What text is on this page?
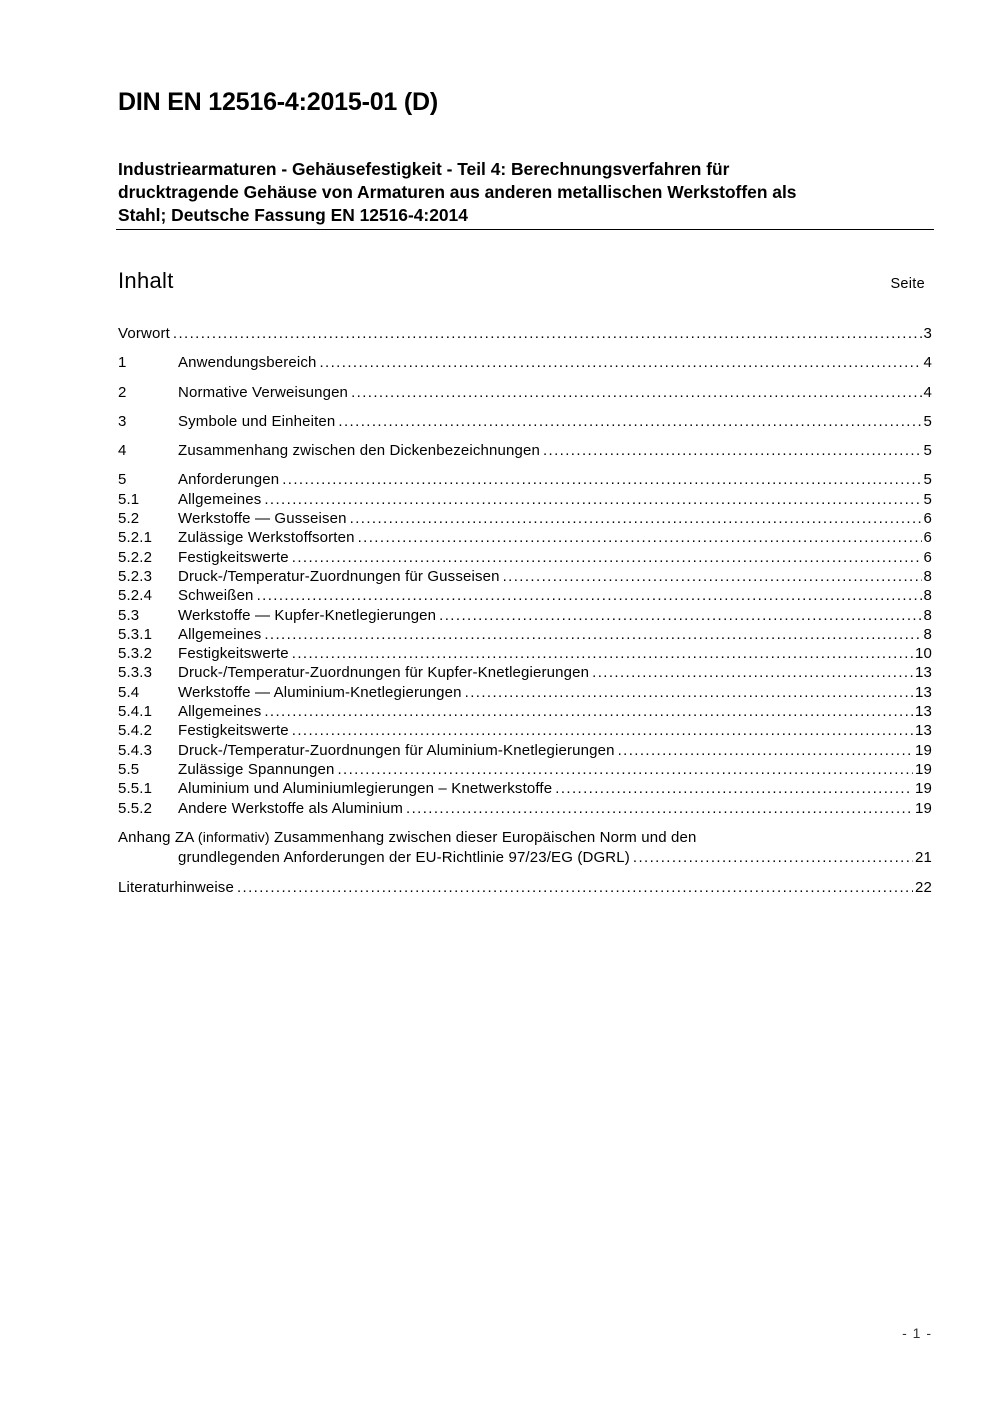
DIN EN 12516-4:2015-01 (D)
Industriearmaturen - Gehäusefestigkeit - Teil 4: Berechnungsverfahren für
drucktragende Gehäuse von Armaturen aus anderen metallischen Werkstoffen als
Stahl; Deutsche Fassung EN 12516-4:2014
Inhalt	Seite
Vorwort .....	3
1	Anwendungsbereich .....	4
2	Normative Verweisungen .....	4
3	Symbole und Einheiten .....	5
4	Zusammenhang zwischen den Dickenbezeichnungen .....	5
5	Anforderungen .....	5
5.1	Allgemeines .....	5
5.2	Werkstoffe — Gusseisen .....	6
5.2.1	Zulässige Werkstoffsorten .....	6
5.2.2	Festigkeitswerte .....	6
5.2.3	Druck-/Temperatur-Zuordnungen für Gusseisen .....	8
5.2.4	Schweißen .....	8
5.3	Werkstoffe — Kupfer-Knetlegierungen .....	8
5.3.1	Allgemeines .....	8
5.3.2	Festigkeitswerte .....	10
5.3.3	Druck-/Temperatur-Zuordnungen für Kupfer-Knetlegierungen .....	13
5.4	Werkstoffe — Aluminium-Knetlegierungen .....	13
5.4.1	Allgemeines .....	13
5.4.2	Festigkeitswerte .....	13
5.4.3	Druck-/Temperatur-Zuordnungen für Aluminium-Knetlegierungen .....	19
5.5	Zulässige Spannungen .....	19
5.5.1	Aluminium und Aluminiumlegierungen – Knetwerkstoffe .....	19
5.5.2	Andere Werkstoffe als Aluminium .....	19
Anhang ZA (informativ) Zusammenhang zwischen dieser Europäischen Norm und den
grundlegenden Anforderungen der EU-Richtlinie 97/23/EG (DGRL) .....	21
Literaturhinweise .....	22
- 1 -
